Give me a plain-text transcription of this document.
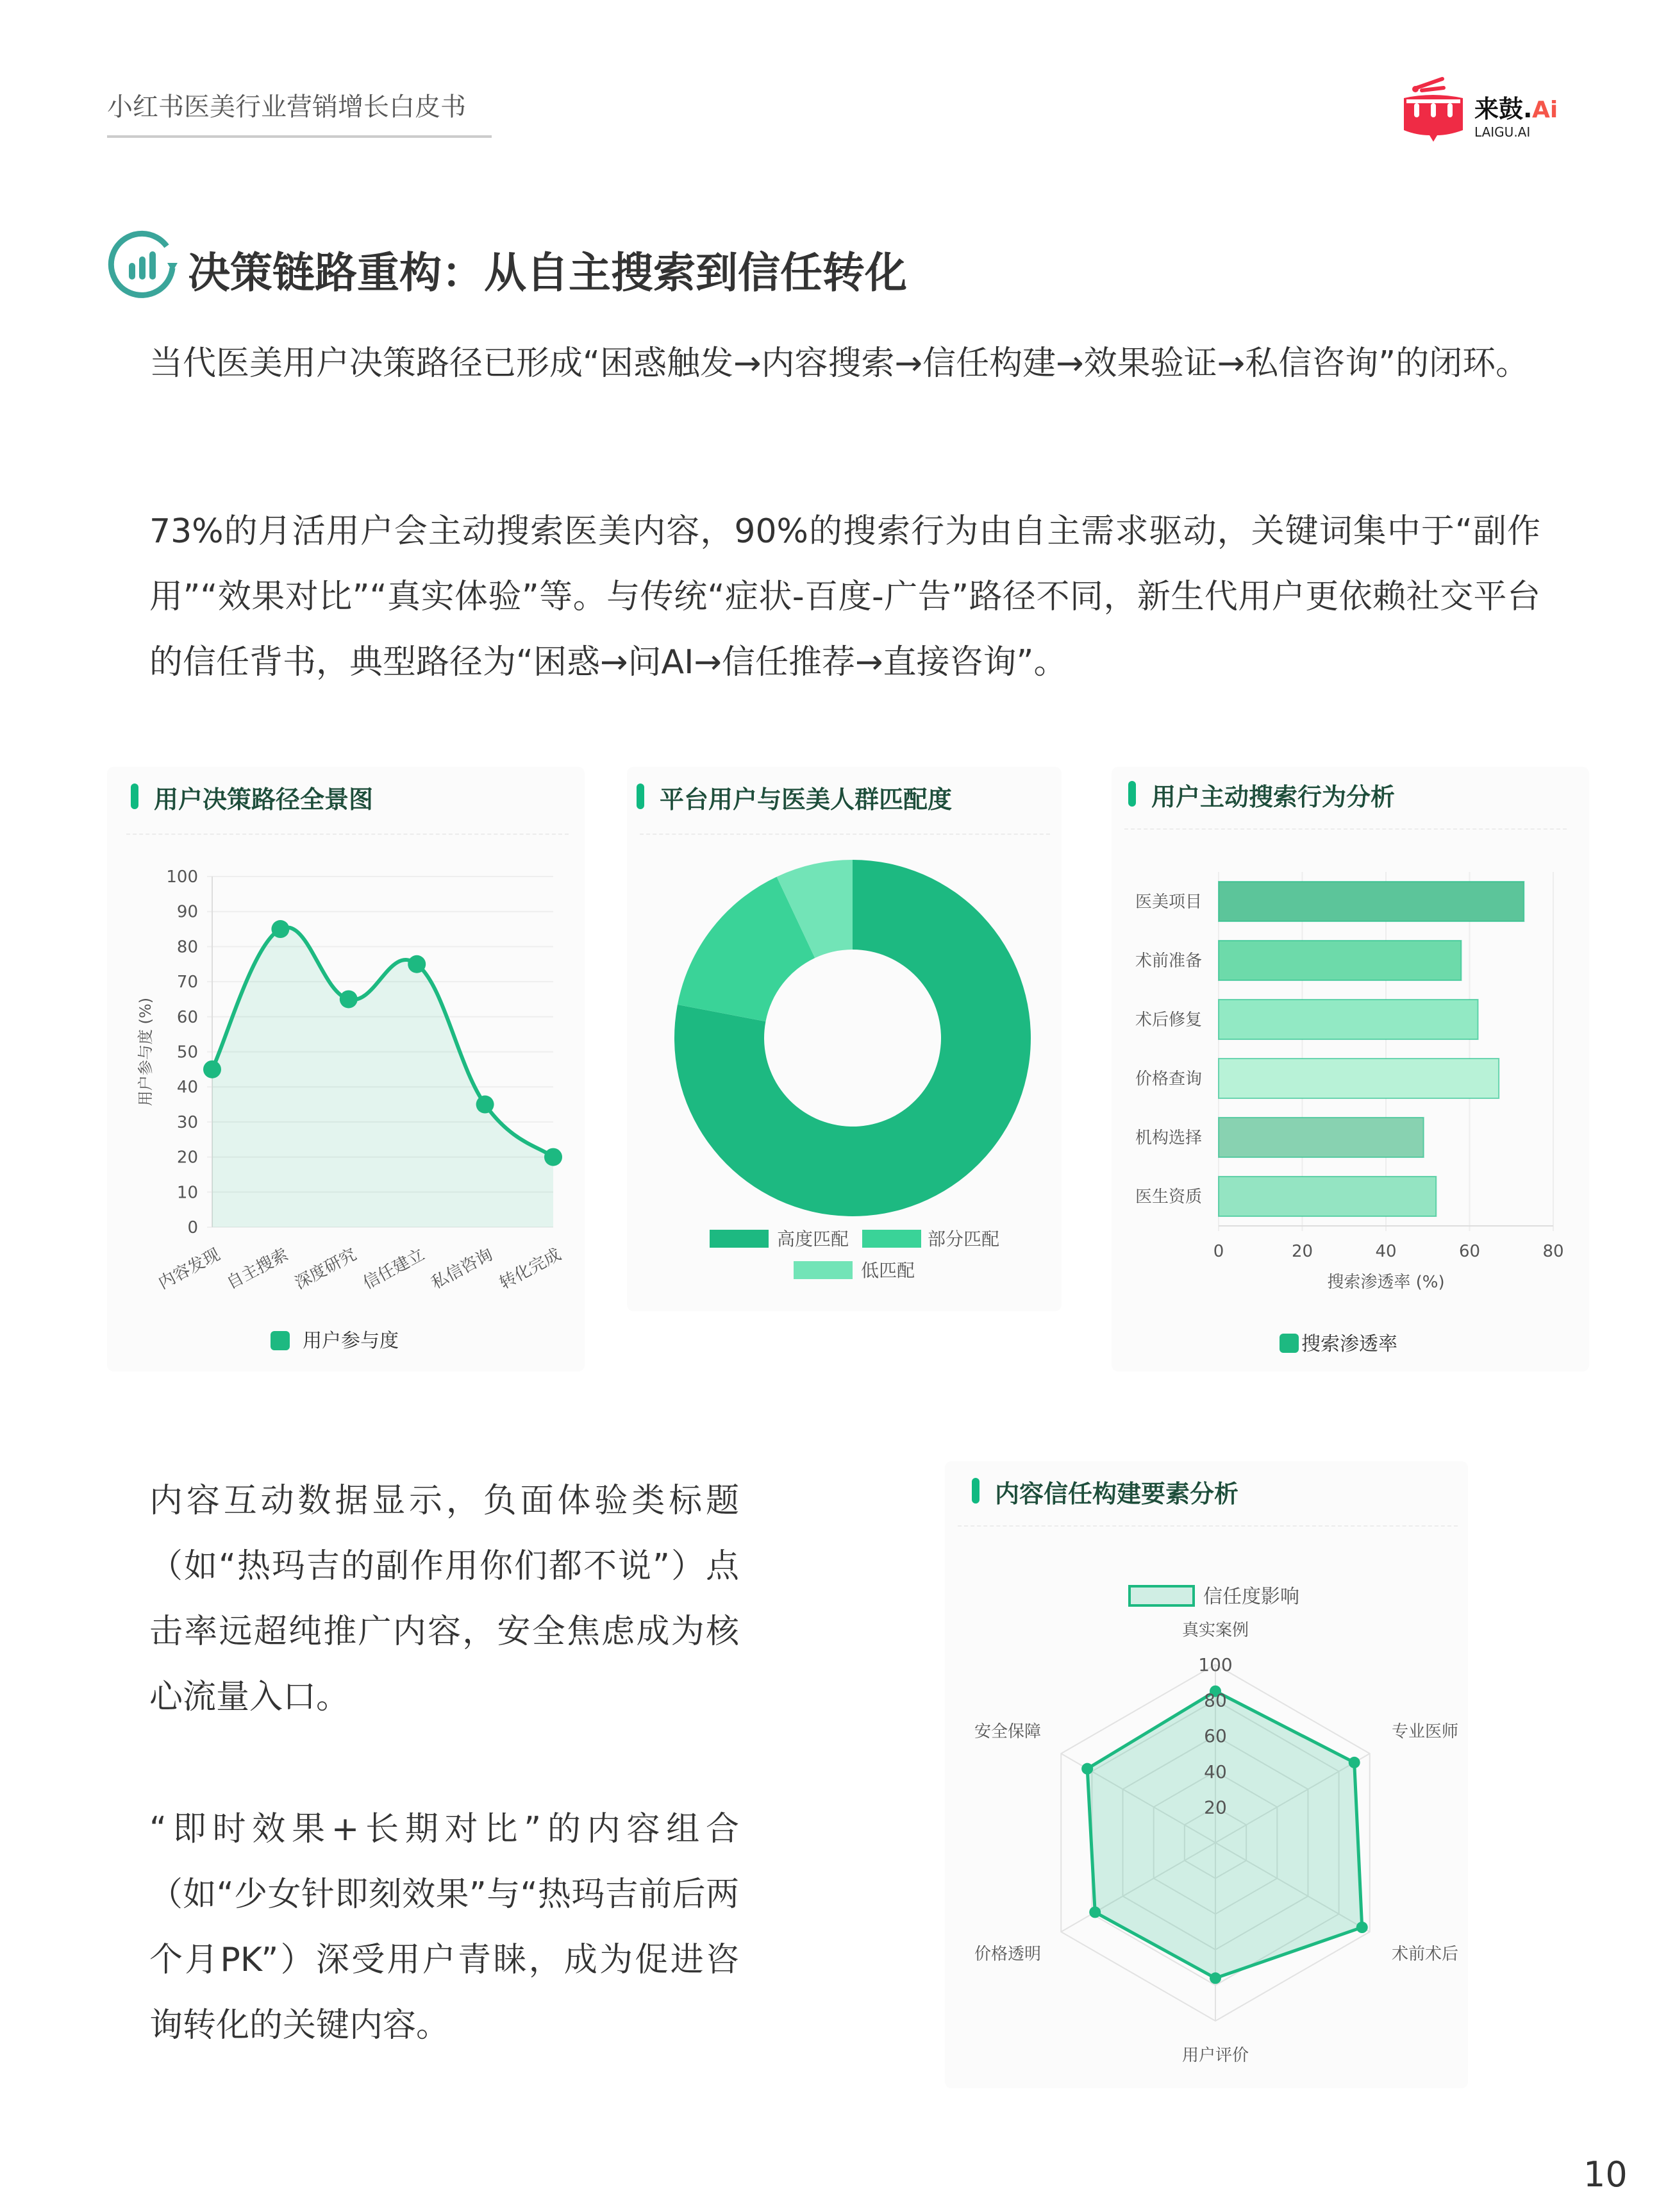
小红书医美行业营销增长白皮书	来鼓. Ai
LAIGU.AI
决策链路重构：从自主搜索到信任转化
当代医美用户决策路径已形成“困惑触发→内容搜索→信任构建→效果验证→私信咨询”的闭环。
73%的月活用户会主动搜索医美内容，90%的搜索行为由自主需求驱动，关键词集中于“副作用”“效果对比”“真实体验”等。与传统“症状-百度-广告”路径不同，新生代用户更依赖社交平台的信任背书，典型路径为“困惑→问AI→信任推荐→直接咨询”。
用户决策路径全景图
0
10
20
30
40
50
60
70
80
90
100
用户参与度 (%)
内容发现 自主搜索 深度研究 信任建立 私信咨询 转化完成
用户参与度
平台用户与医美人群匹配度
高度匹配	部分匹配
低匹配
用户主动搜索行为分析
0	20	40	60	80
医美项目
术前准备
术后修复
价格查询
机构选择
医生资质
搜索渗透率 (%)
搜索渗透率
内容互动数据显示，负面体验类标题（如“热玛吉的副作用你们都不说”）点击率远超纯推广内容，安全焦虑成为核心流量入口。
“即时效果+长期对比”的内容组合（如“少女针即刻效果”与“热玛吉前后两个月PK”）深受用户青睐，成为促进咨询转化的关键内容。
内容信任构建要素分析
20
40
60
80
100
真实案例
专业医师
术前术后
用户评价
价格透明
安全保障
信任度影响
10
